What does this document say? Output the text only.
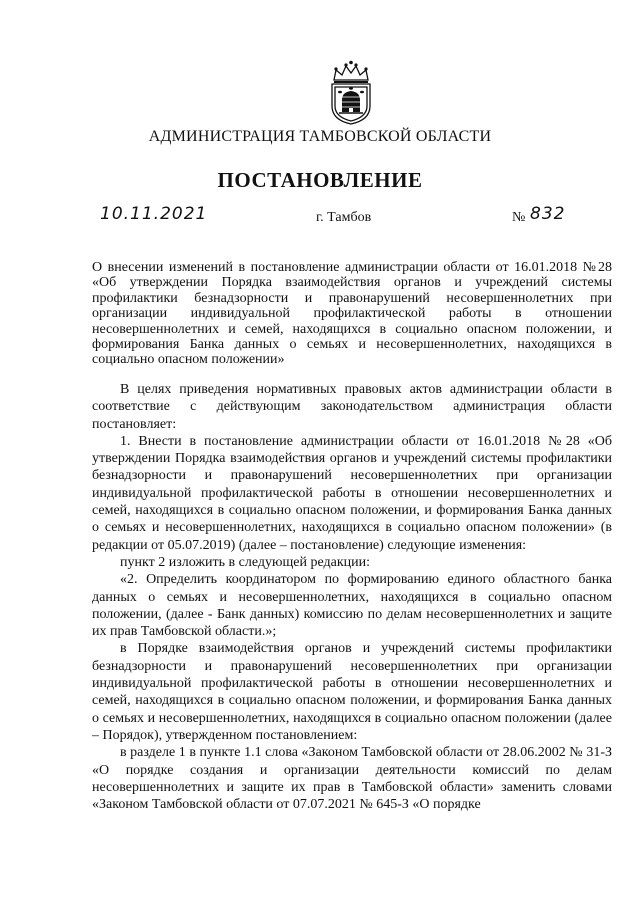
АДМИНИСТРАЦИЯ ТАМБОВСКОЙ ОБЛАСТИ
ПОСТАНОВЛЕНИЕ
10.11.2021	г. Тамбов	№ 832
О внесении изменений в постановление администрации области от 16.01.2018 №28 «Об утверждении Порядка взаимодействия органов и учреждений системы профилактики безнадзорности и правонарушений несовершеннолетних при организации индивидуальной профилактической работы в отношении несовершеннолетних и семей, находящихся в социально опасном положении, и формирования Банка данных о семьях и несовершеннолетних, находящихся в социально опасном положении»

В целях приведения нормативных правовых актов администрации области в соответствие с действующим законодательством администрация области постановляет:

1. Внести в постановление администрации области от 16.01.2018 №28 «Об утверждении Порядка взаимодействия органов и учреждений системы профилактики безнадзорности и правонарушений несовершеннолетних при организации индивидуальной профилактической работы в отношении несовершеннолетних и семей, находящихся в социально опасном положении, и формирования Банка данных о семьях и несовершеннолетних, находящихся в социально опасном положении» (в редакции от 05.07.2019) (далее – постановление) следующие изменения:

пункт 2 изложить в следующей редакции:

«2. Определить координатором по формированию единого областного банка данных о семьях и несовершеннолетних, находящихся в социально опасном положении, (далее - Банк данных) комиссию по делам несовершеннолетних и защите их прав Тамбовской области.»;

в Порядке взаимодействия органов и учреждений системы профилактики безнадзорности и правонарушений несовершеннолетних при организации индивидуальной профилактической работы в отношении несовершеннолетних и семей, находящихся в социально опасном положении, и формирования Банка данных о семьях и несовершеннолетних, находящихся в социально опасном положении (далее – Порядок), утвержденном постановлением:

в разделе 1 в пункте 1.1 слова «Законом Тамбовской области от 28.06.2002 № 31-З «О порядке создания и организации деятельности комиссий по делам несовершеннолетних и защите их прав в Тамбовской области» заменить словами «Законом Тамбовской области от 07.07.2021 № 645-З «О порядке
